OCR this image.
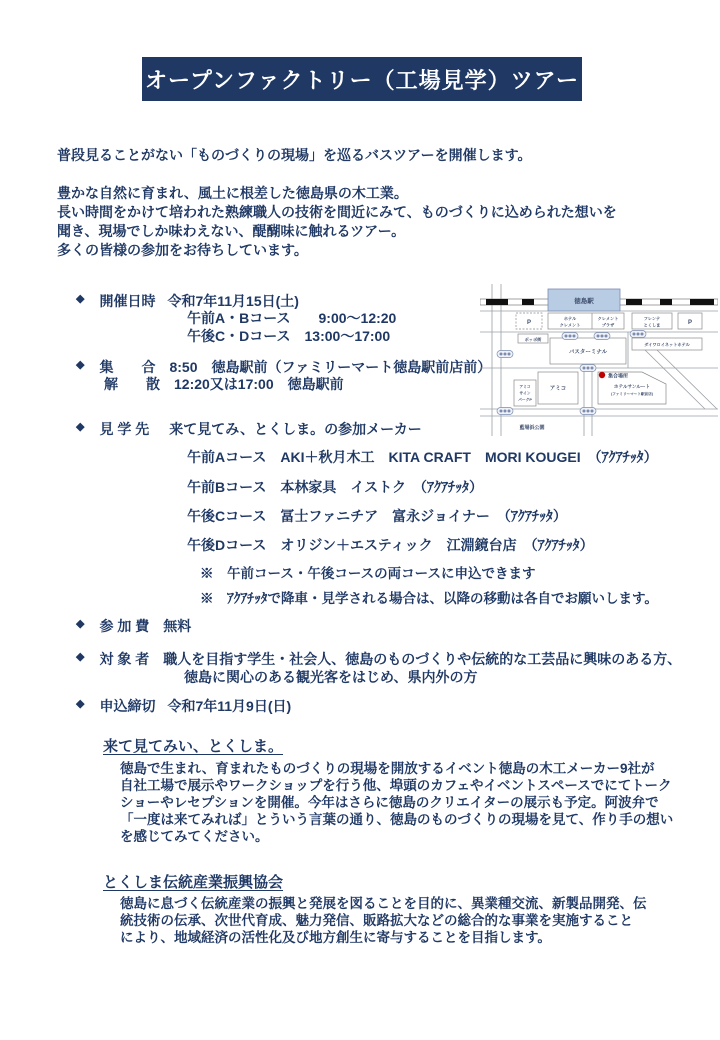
オープンファクトリー（工場見学）ツアー
普段見ることがない「ものづくりの現場」を巡るバスツアーを開催します。
豊かな自然に育まれ、風土に根差した徳島県の木工業。
長い時間をかけて培われた熟練職人の技術を間近にみて、ものづくりに込められた想いを
聞き、現場でしか味わえない、醍醐味に触れるツアー。
多くの皆様の参加をお待ちしています。
◆ 開催日時 令和7年11月15日(土)
午前A・Bコース　　9:00～12:20
午後C・Dコース　13:00～17:00
◆ 集　　合　8:50　徳島駅前（ファミリーマート徳島駅前店前）
解　　散　12:20又は17:00　徳島駅前
◆ 見 学 先 来て見てみ、とくしま。の参加メーカー
午前Aコース　AKI＋秋月木工　KITA CRAFT　MORI KOUGEI　（ｱｸｱﾁｯﾀ）
午前Bコース　本林家具　イストク　（ｱｸｱﾁｯﾀ）
午後Cコース　冨士ファニチア　富永ジョイナー　（ｱｸｱﾁｯﾀ）
午後Dコース　オリジン＋エスティック　江淵鏡台店　（ｱｸｱﾁｯﾀ）
※　午前コース・午後コースの両コースに申込できます
※　ｱｸｱﾁｯﾀで降車・見学される場合は、以降の移動は各自でお願いします。
◆ 参 加 費 無料
◆ 対 象 者 職人を目指す学生・社会人、徳島のものづくりや伝統的な工芸品に興味のある方、
徳島に関心のある観光客をはじめ、県内外の方
◆ 申込締切 令和7年11月9日(日)
来て見てみい、とくしま。
徳島で生まれ、育まれたものづくりの現場を開放するイベント徳島の木工メーカー9社が
自社工場で展示やワークショップを行う他、埠頭のカフェやイベントスペースでにてトーク
ショーやレセプションを開催。今年はさらに徳島のクリエイターの展示も予定。阿波弁で
「一度は来てみれば」とういう言葉の通り、徳島のものづくりの現場を見て、作り手の想い
を感じてみてください。
とくしま伝統産業振興協会
徳島に息づく伝統産業の振興と発展を図ることを目的に、異業種交流、新製品開発、伝
統技術の伝承、次世代育成、魅力発信、販路拡大などの総合的な事業を実施すること
により、地域経済の活性化及び地方創生に寄与することを目指します。
徳島駅
P
ホテル
クレメント
クレメント
プラザ
フレンテ
とくしま	P
ポッポ街
バスターミナル
ダイワロイネットホテル
アミコ
アミコ
サイン
パークP
集合場所
ホテルサンルート
(ファミリーマート駅前店)
藍場浜公園
